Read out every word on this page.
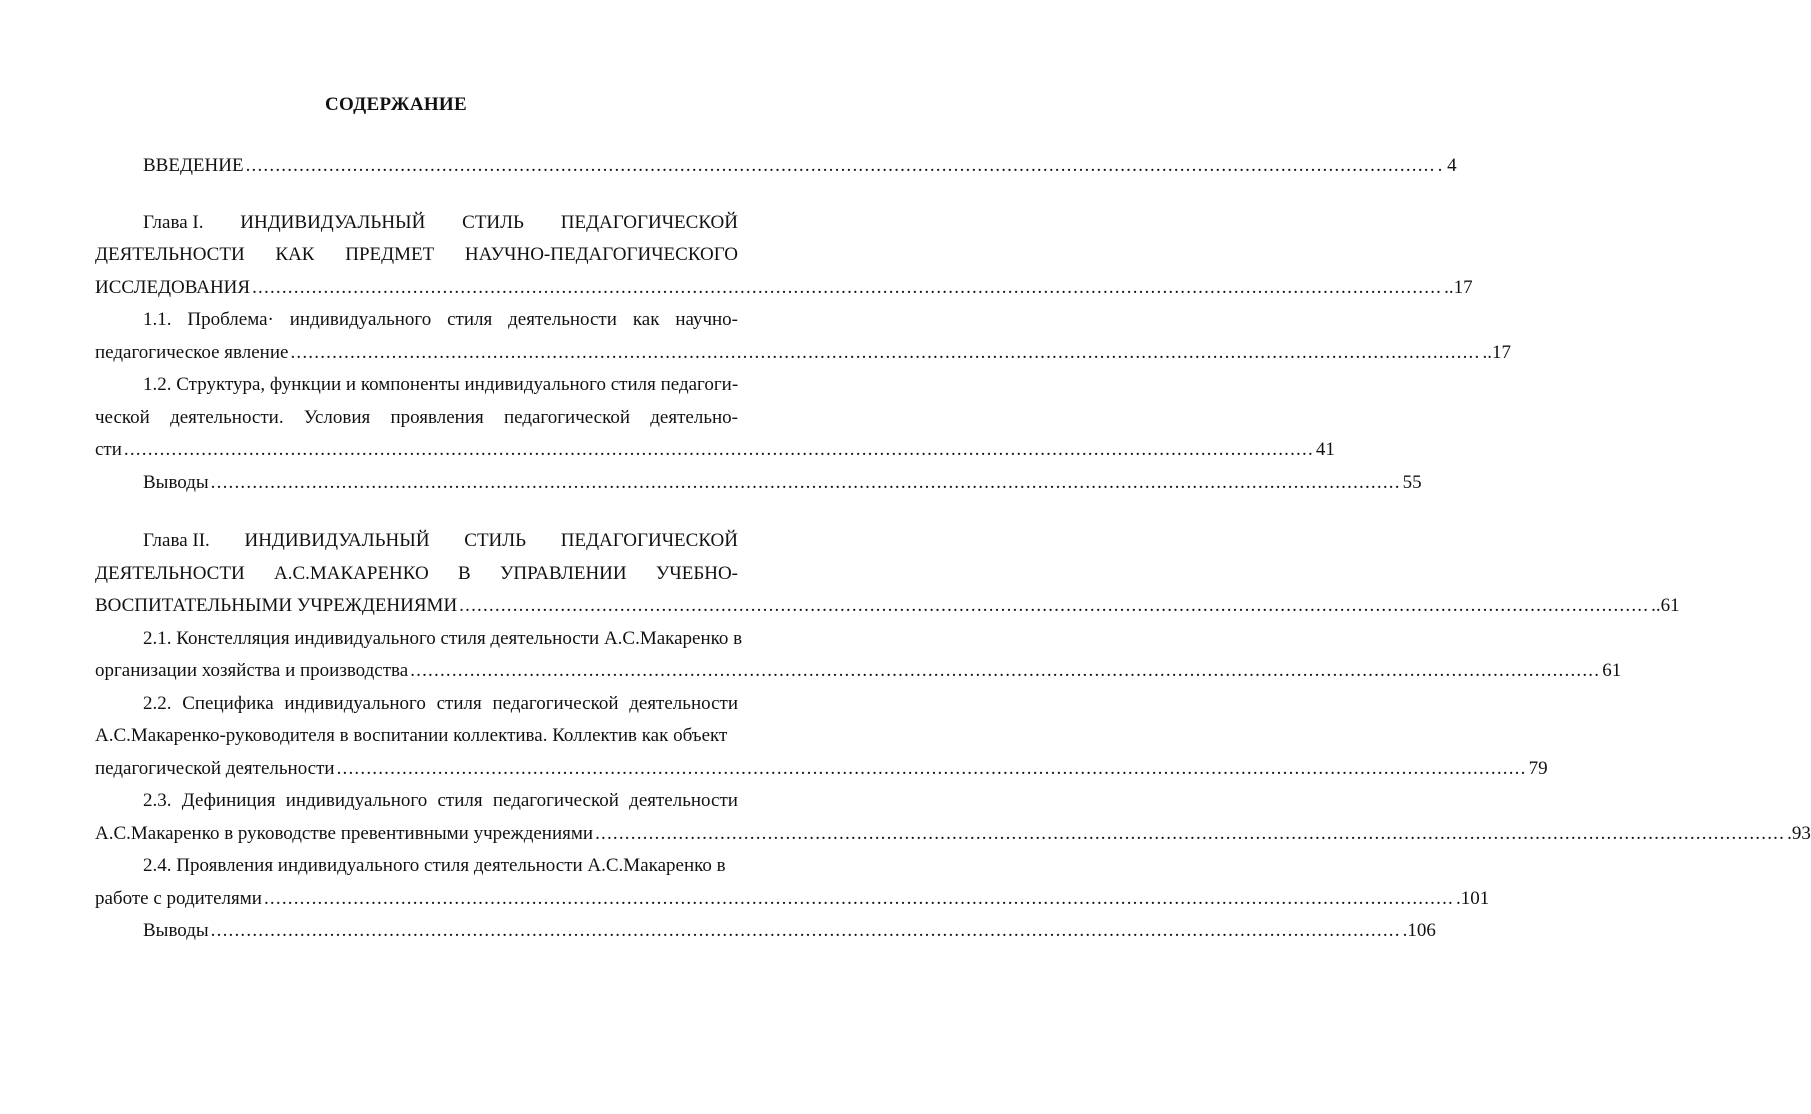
СОДЕРЖАНИЕ
ВВЕДЕНИЕ ........................................................................................................................................................................................................ . 4
Глава I. ИНДИВИДУАЛЬНЫЙ СТИЛЬ ПЕДАГОГИЧЕСКОЙ
ДЕЯТЕЛЬНОСТИ КАК ПРЕДМЕТ НАУЧНО-ПЕДАГОГИЧЕСКОГО
ИССЛЕДОВАНИЯ ........................................................................................................................................................................................................ ..17
1.1. Проблема· индивидуального стиля деятельности как научно-
педагогическое явление ........................................................................................................................................................................................................ ..17
1.2. Структура, функции и компоненты индивидуального стиля педагоги-
ческой деятельности. Условия проявления педагогической деятельно-
сти ........................................................................................................................................................................................................ 41
Выводы ........................................................................................................................................................................................................ 55
Глава II. ИНДИВИДУАЛЬНЫЙ СТИЛЬ ПЕДАГОГИЧЕСКОЙ
ДЕЯТЕЛЬНОСТИ А.С.МАКАРЕНКО В УПРАВЛЕНИИ УЧЕБНО-
ВОСПИТАТЕЛЬНЫМИ УЧРЕЖДЕНИЯМИ ........................................................................................................................................................................................................ ..61
2.1. Констелляция индивидуального стиля деятельности А.С.Макаренко в
организации хозяйства и производства ........................................................................................................................................................................................................ 61
2.2. Специфика индивидуального стиля педагогической деятельности
А.С.Макаренко-руководителя в воспитании коллектива. Коллектив как объект
педагогической деятельности ........................................................................................................................................................................................................ 79
2.3. Дефиниция индивидуального стиля педагогической деятельности
А.С.Макаренко в руководстве превентивными учреждениями ........................................................................................................................................................................................................ .93
2.4. Проявления индивидуального стиля деятельности А.С.Макаренко в
работе с родителями ........................................................................................................................................................................................................ .101
Выводы ........................................................................................................................................................................................................ .106
